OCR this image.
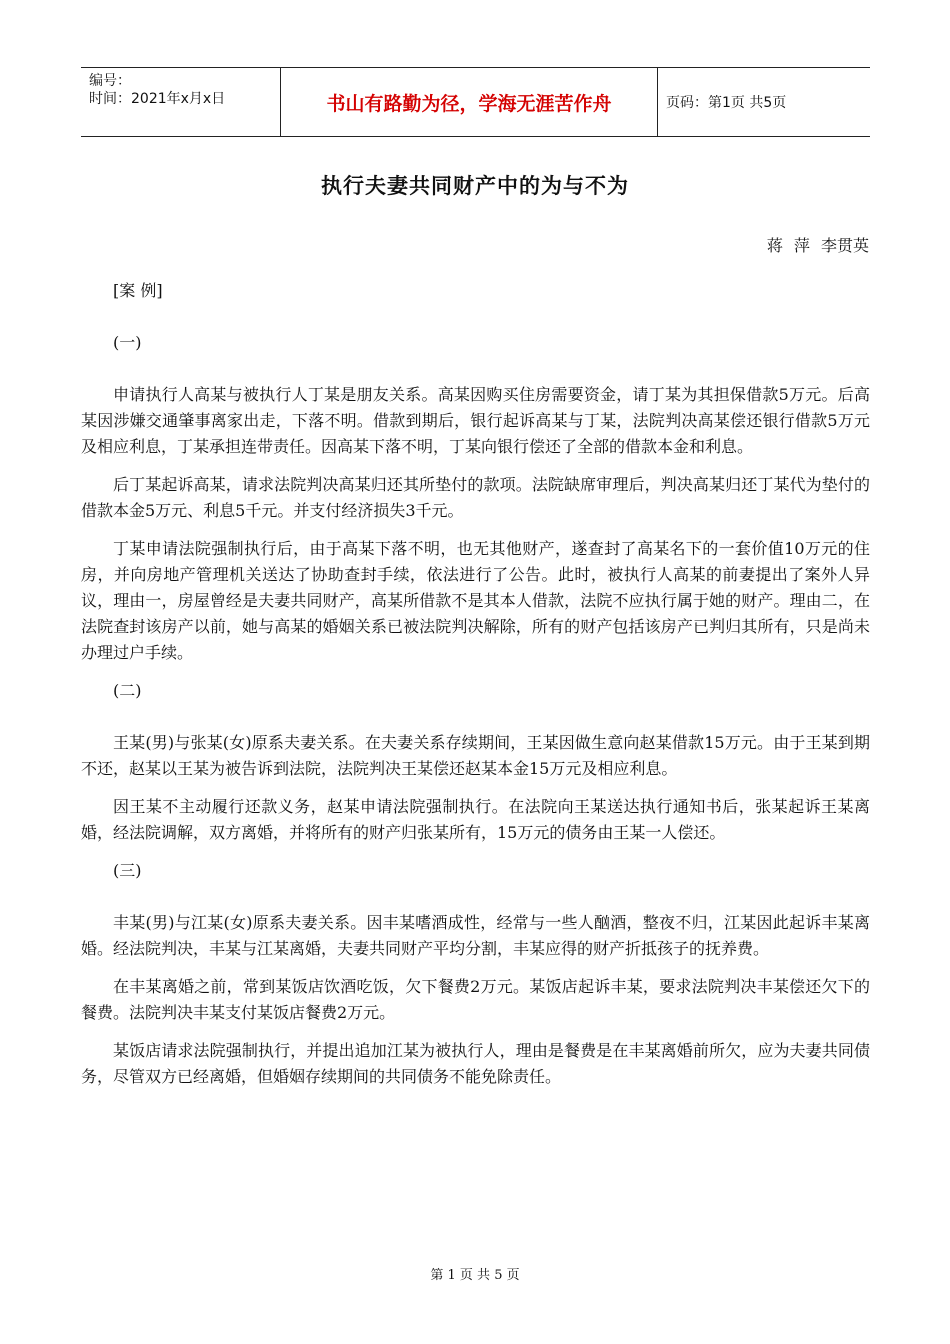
编号：
时间：2021年x月x日	书山有路勤为径，学海无涯苦作舟	页码：第1页 共5页
执行夫妻共同财产中的为与不为
蒋 萍 李贯英

[案 例]

(一)

申请执行人高某与被执行人丁某是朋友关系。高某因购买住房需要资金，请丁某为其担保借款5万元。后高某因涉嫌交通肇事离家出走，下落不明。借款到期后，银行起诉高某与丁某，法院判决高某偿还银行借款5万元及相应利息，丁某承担连带责任。因高某下落不明，丁某向银行偿还了全部的借款本金和利息。

后丁某起诉高某，请求法院判决高某归还其所垫付的款项。法院缺席审理后，判决高某归还丁某代为垫付的借款本金5万元、利息5千元。并支付经济损失3千元。

丁某申请法院强制执行后，由于高某下落不明，也无其他财产，遂查封了高某名下的一套价值10万元的住房，并向房地产管理机关送达了协助查封手续，依法进行了公告。此时，被执行人高某的前妻提出了案外人异议，理由一，房屋曾经是夫妻共同财产，高某所借款不是其本人借款，法院不应执行属于她的财产。理由二，在法院查封该房产以前，她与高某的婚姻关系已被法院判决解除，所有的财产包括该房产已判归其所有，只是尚未办理过户手续。

(二)

王某(男)与张某(女)原系夫妻关系。在夫妻关系存续期间，王某因做生意向赵某借款15万元。由于王某到期不还，赵某以王某为被告诉到法院，法院判决王某偿还赵某本金15万元及相应利息。

因王某不主动履行还款义务，赵某申请法院强制执行。在法院向王某送达执行通知书后，张某起诉王某离婚，经法院调解，双方离婚，并将所有的财产归张某所有，15万元的债务由王某一人偿还。

(三)

丰某(男)与江某(女)原系夫妻关系。因丰某嗜酒成性，经常与一些人酗酒，整夜不归，江某因此起诉丰某离婚。经法院判决，丰某与江某离婚，夫妻共同财产平均分割，丰某应得的财产折抵孩子的抚养费。

在丰某离婚之前，常到某饭店饮酒吃饭，欠下餐费2万元。某饭店起诉丰某，要求法院判决丰某偿还欠下的餐费。法院判决丰某支付某饭店餐费2万元。

某饭店请求法院强制执行，并提出追加江某为被执行人，理由是餐费是在丰某离婚前所欠，应为夫妻共同债务，尽管双方已经离婚，但婚姻存续期间的共同债务不能免除责任。

第 1 页 共 5 页
